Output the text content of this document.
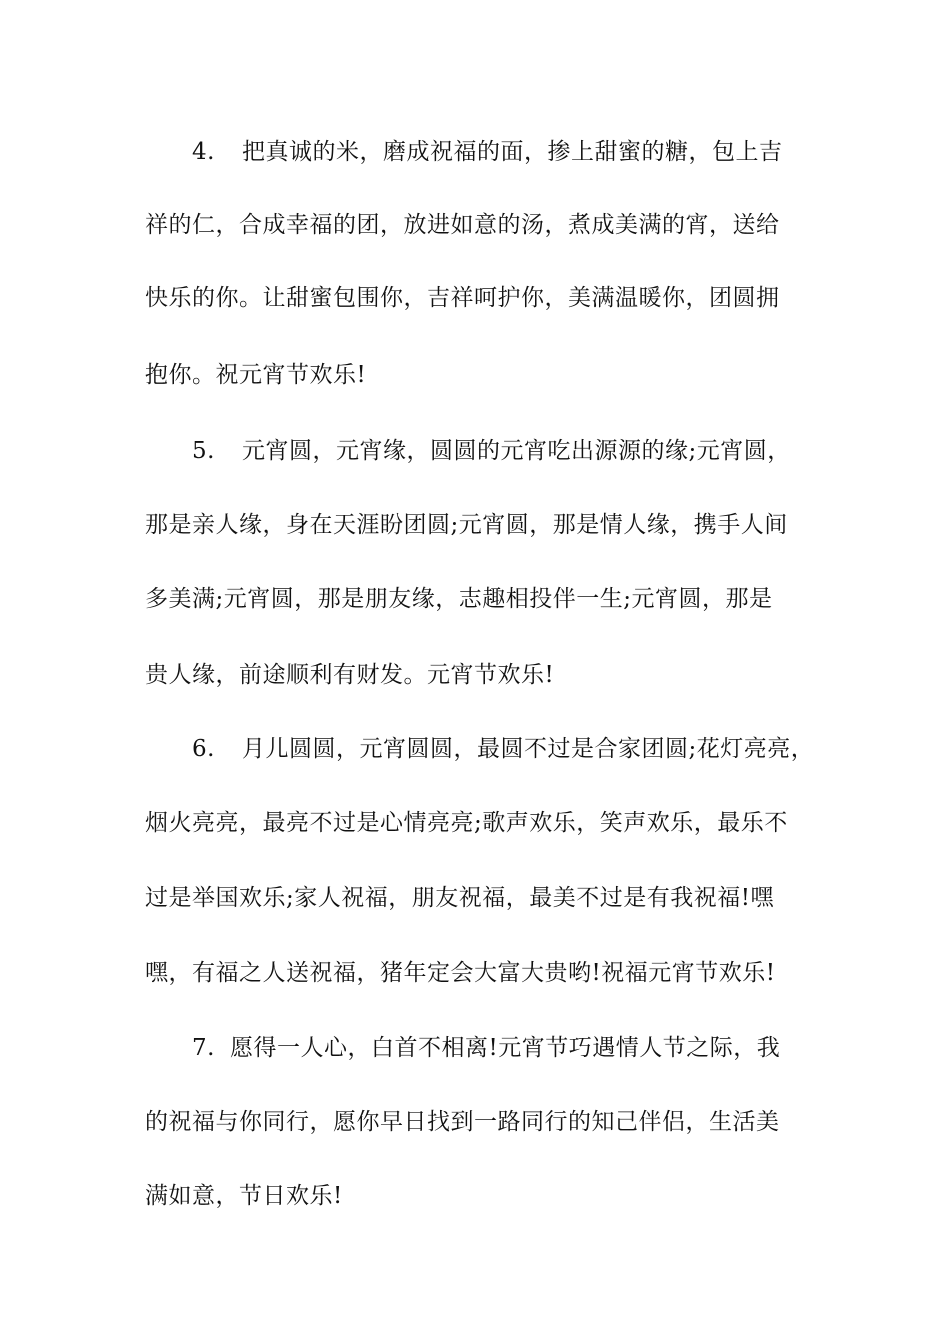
4. 把真诚的米，磨成祝福的面，掺上甜蜜的糖，包上吉
祥的仁，合成幸福的团，放进如意的汤，煮成美满的宵，送给
快乐的你。让甜蜜包围你，吉祥呵护你，美满温暖你，团圆拥
抱你。祝元宵节欢乐!
5. 元宵圆，元宵缘，圆圆的元宵吃出源源的缘;元宵圆，
那是亲人缘，身在天涯盼团圆;元宵圆，那是情人缘，携手人间
多美满;元宵圆，那是朋友缘，志趣相投伴一生;元宵圆，那是
贵人缘，前途顺利有财发。元宵节欢乐!
6. 月儿圆圆，元宵圆圆，最圆不过是合家团圆;花灯亮亮，
烟火亮亮，最亮不过是心情亮亮;歌声欢乐，笑声欢乐，最乐不
过是举国欢乐;家人祝福，朋友祝福，最美不过是有我祝福!嘿
嘿，有福之人送祝福，猪年定会大富大贵哟!祝福元宵节欢乐!
7. 愿得一人心，白首不相离!元宵节巧遇情人节之际，我
的祝福与你同行，愿你早日找到一路同行的知己伴侣，生活美
满如意，节日欢乐!
